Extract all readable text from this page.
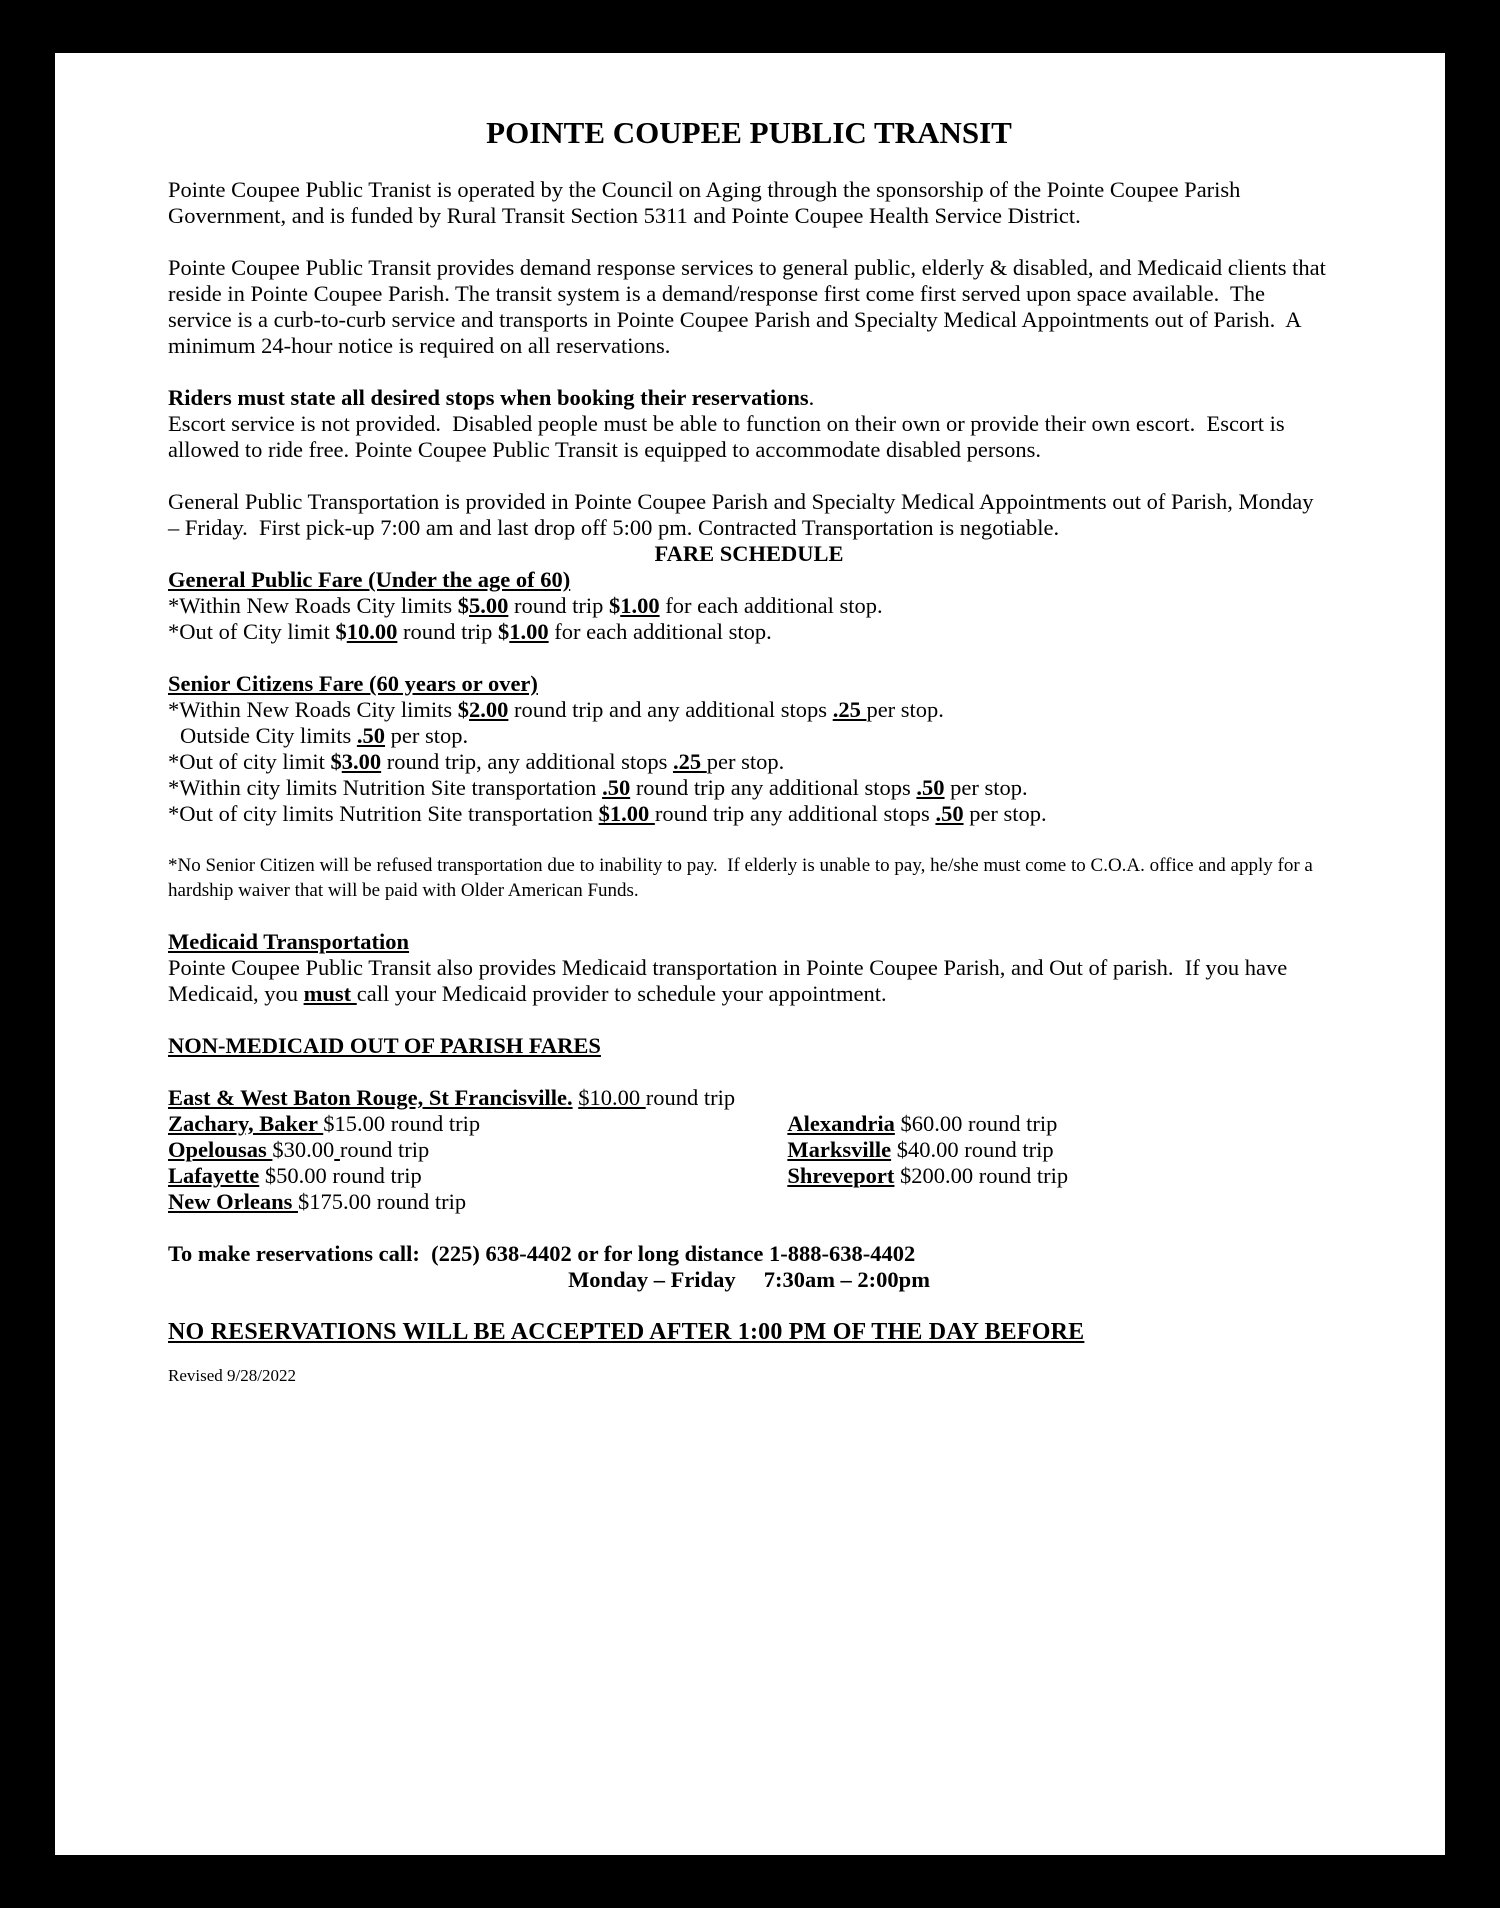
POINTE COUPEE PUBLIC TRANSIT
Pointe Coupee Public Tranist is operated by the Council on Aging through the sponsorship of the Pointe Coupee Parish Government, and is funded by Rural Transit Section 5311 and Pointe Coupee Health Service District.
Pointe Coupee Public Transit provides demand response services to general public, elderly & disabled, and Medicaid clients that reside in Pointe Coupee Parish. The transit system is a demand/response first come first served upon space available.  The service is a curb-to-curb service and transports in Pointe Coupee Parish and Specialty Medical Appointments out of Parish.  A minimum 24-hour notice is required on all reservations.
Riders must state all desired stops when booking their reservations.
Escort service is not provided.  Disabled people must be able to function on their own or provide their own escort.  Escort is allowed to ride free. Pointe Coupee Public Transit is equipped to accommodate disabled persons.
General Public Transportation is provided in Pointe Coupee Parish and Specialty Medical Appointments out of Parish, Monday – Friday.  First pick-up 7:00 am and last drop off 5:00 pm. Contracted Transportation is negotiable.
FARE SCHEDULE
General Public Fare (Under the age of 60)
*Within New Roads City limits $5.00 round trip $1.00 for each additional stop.
*Out of City limit $10.00 round trip $1.00 for each additional stop.
Senior Citizens Fare (60 years or over)
*Within New Roads City limits $2.00 round trip and any additional stops .25 per stop.
Outside City limits .50 per stop.
*Out of city limit $3.00 round trip, any additional stops .25 per stop.
*Within city limits Nutrition Site transportation .50 round trip any additional stops .50 per stop.
*Out of city limits Nutrition Site transportation $1.00 round trip any additional stops .50 per stop.
*No Senior Citizen will be refused transportation due to inability to pay.  If elderly is unable to pay, he/she must come to C.O.A. office and apply for a hardship waiver that will be paid with Older American Funds.
Medicaid Transportation
Pointe Coupee Public Transit also provides Medicaid transportation in Pointe Coupee Parish, and Out of parish.  If you have Medicaid, you must call your Medicaid provider to schedule your appointment.
NON-MEDICAID OUT OF PARISH FARES
East & West Baton Rouge, St Francisville. $10.00 round trip
Zachary, Baker $15.00 round trip	Alexandria $60.00 round trip
Opelousas $30.00 round trip	Marksville $40.00 round trip
Lafayette $50.00 round trip	Shreveport $200.00 round trip
New Orleans $175.00 round trip
To make reservations call:  (225) 638-4402 or for long distance 1-888-638-4402
Monday – Friday     7:30am – 2:00pm
NO RESERVATIONS WILL BE ACCEPTED AFTER 1:00 PM OF THE DAY BEFORE
Revised 9/28/2022
